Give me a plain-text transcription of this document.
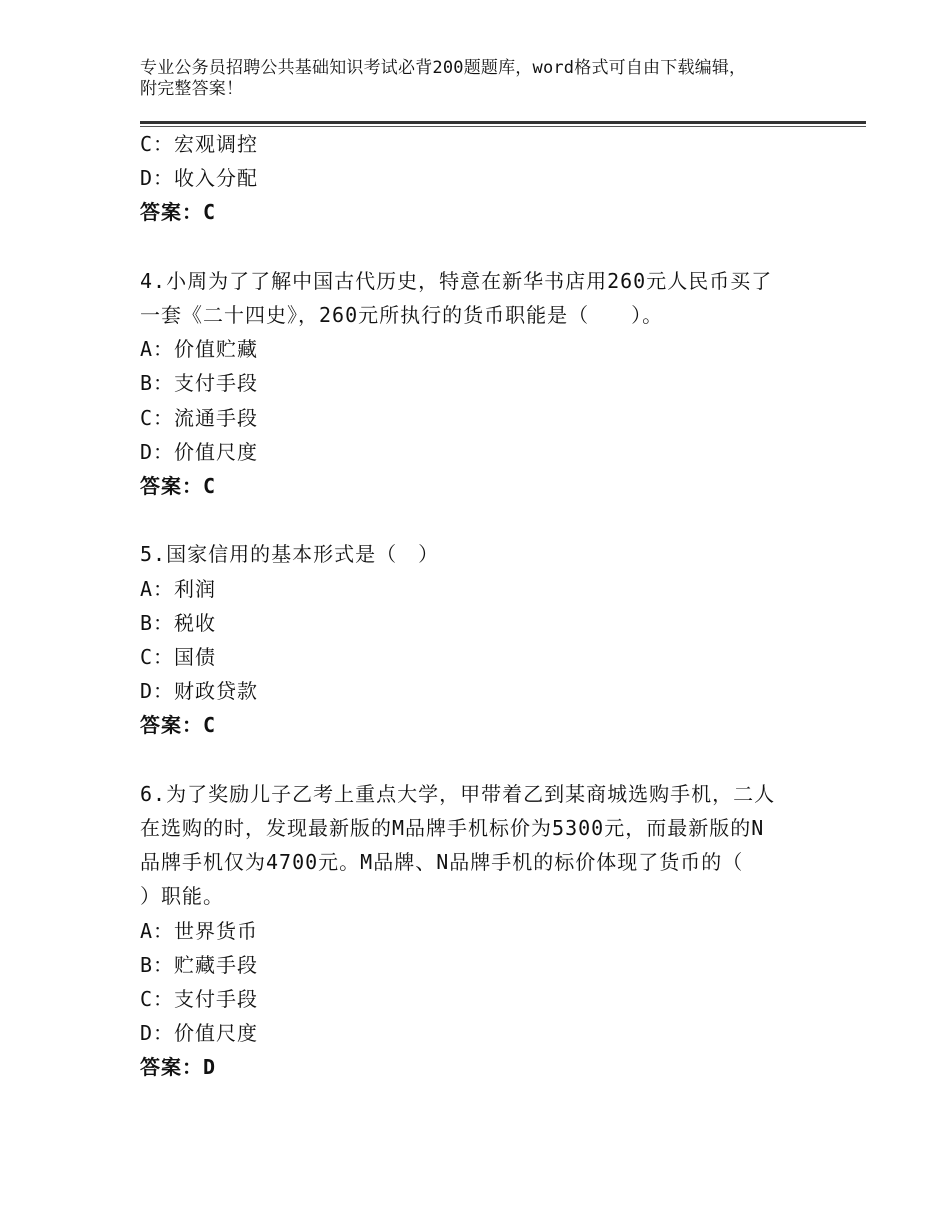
专业公务员招聘公共基础知识考试必背200题题库，word格式可自由下载编辑，
附完整答案！

C：宏观调控

D：收入分配

答案：C

4.小周为了了解中国古代历史，特意在新华书店用260元人民币买了

一套《二十四史》，260元所执行的货币职能是（　　）。

A：价值贮藏

B：支付手段

C：流通手段

D：价值尺度

答案：C

5.国家信用的基本形式是（　）

A：利润

B：税收

C：国债

D：财政贷款

答案：C

6.为了奖励儿子乙考上重点大学，甲带着乙到某商城选购手机，二人

在选购的时，发现最新版的M品牌手机标价为5300元，而最新版的N

品牌手机仅为4700元。M品牌、N品牌手机的标价体现了货币的（

）职能。

A：世界货币

B：贮藏手段

C：支付手段

D：价值尺度

答案：D
